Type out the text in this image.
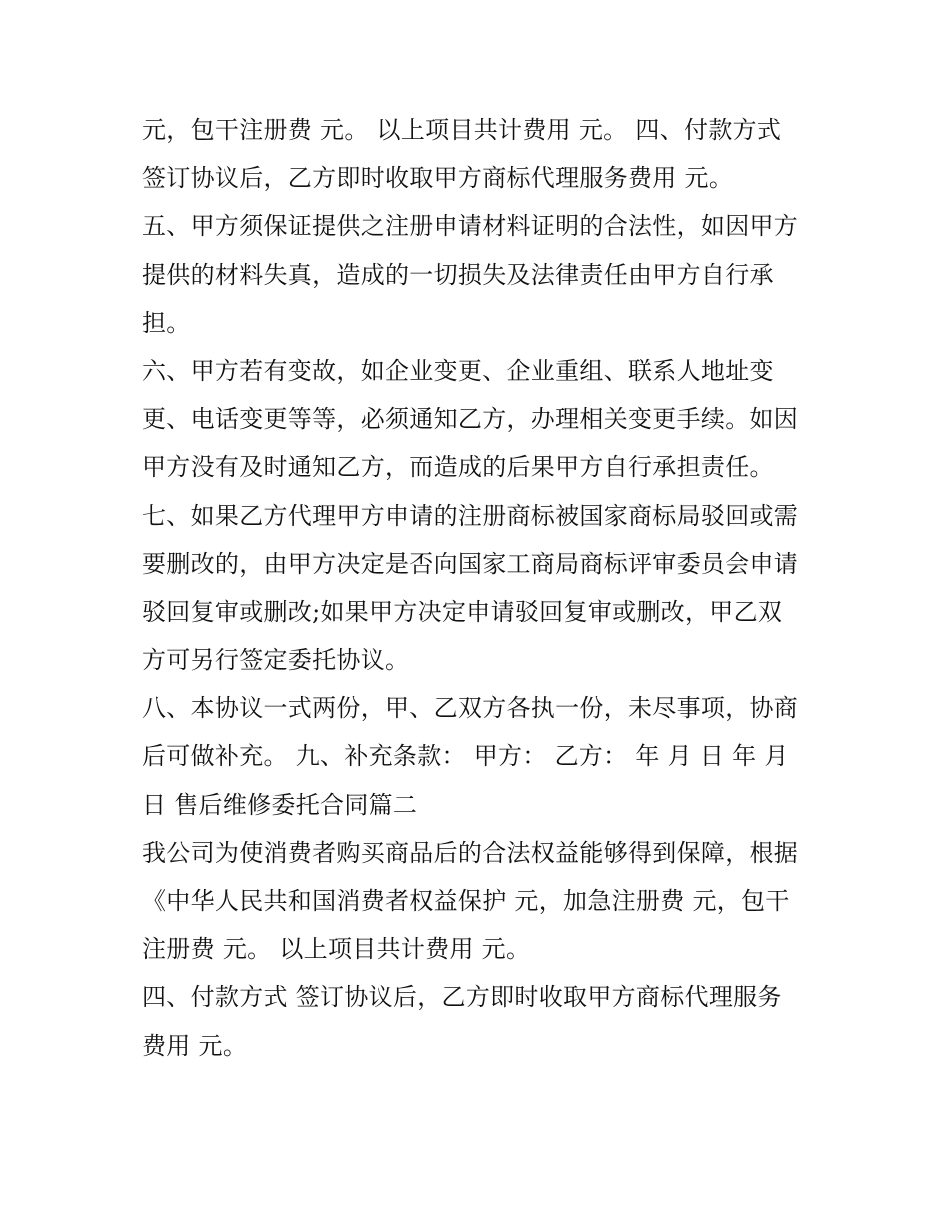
元，包干注册费 元。 以上项目共计费用 元。 四、付款方式
签订协议后，乙方即时收取甲方商标代理服务费用 元。
五、甲方须保证提供之注册申请材料证明的合法性，如因甲方
提供的材料失真，造成的一切损失及法律责任由甲方自行承
担。
六、甲方若有变故，如企业变更、企业重组、联系人地址变
更、电话变更等等，必须通知乙方，办理相关变更手续。如因
甲方没有及时通知乙方，而造成的后果甲方自行承担责任。
七、如果乙方代理甲方申请的注册商标被国家商标局驳回或需
要删改的，由甲方决定是否向国家工商局商标评审委员会申请
驳回复审或删改;如果甲方决定申请驳回复审或删改，甲乙双
方可另行签定委托协议。
八、本协议一式两份，甲、乙双方各执一份，未尽事项，协商
后可做补充。 九、补充条款： 甲方： 乙方： 年 月 日 年 月
日 售后维修委托合同篇二
我公司为使消费者购买商品后的合法权益能够得到保障，根据
《中华人民共和国消费者权益保护 元，加急注册费 元，包干
注册费 元。 以上项目共计费用 元。
四、付款方式 签订协议后，乙方即时收取甲方商标代理服务
费用 元。
